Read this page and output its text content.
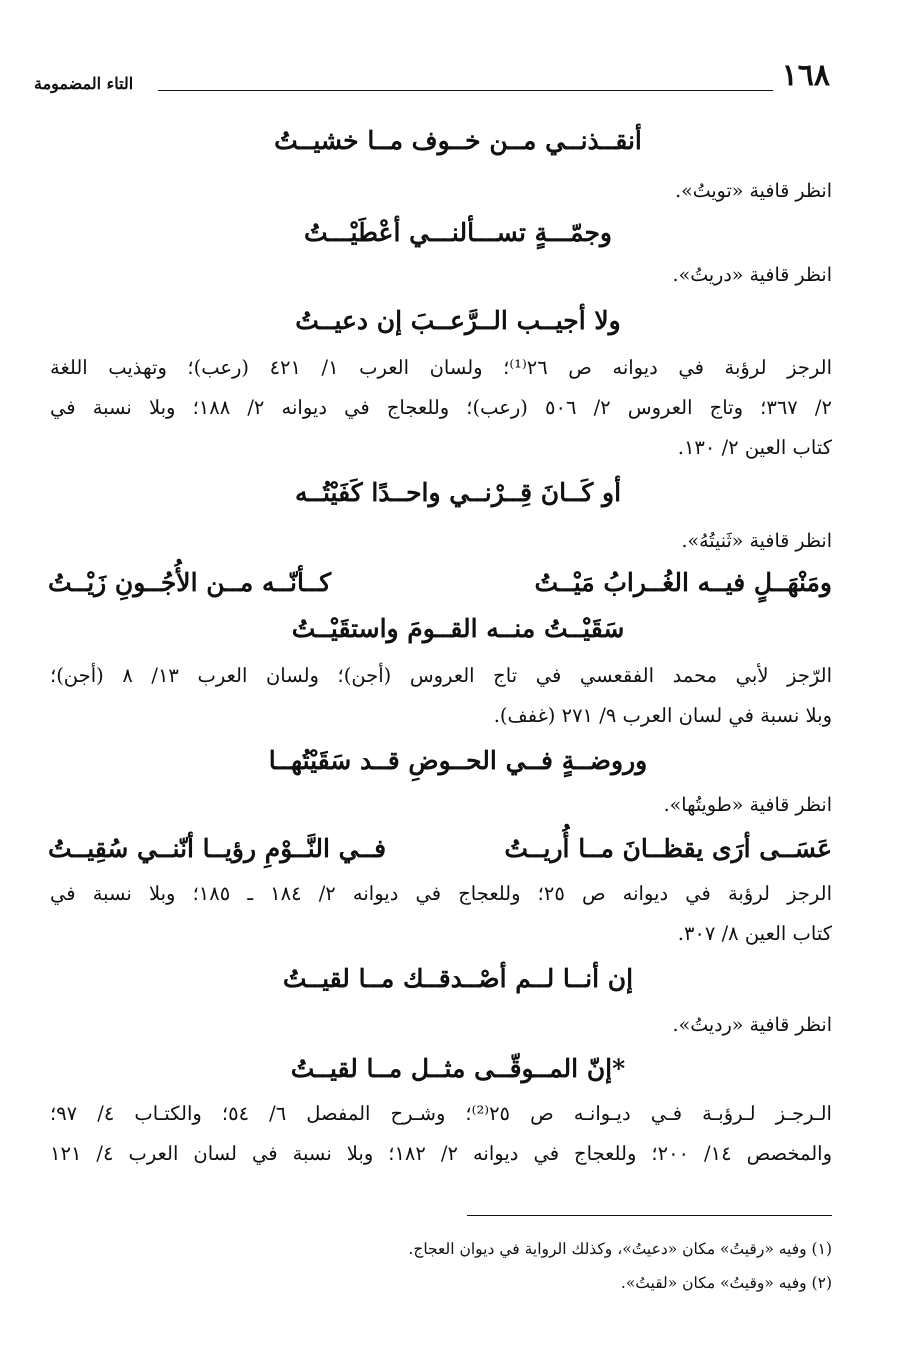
١٦٨
التاء المضمومة
أنقــذنــي مــن خــوف مــا خشيــتُ
انظر قافية «تويتُ».
وجمّـــةٍ تســـألنـــي أعْطَيْـــتُ
انظر قافية «دريتُ».
ولا أجيــب الــرَّعــبَ إن دعيــتُ
الرجز لرؤبة في ديوانه ص ٢٦⁽¹⁾؛ ولسان العرب ١/ ٤٢١ (رعب)؛ وتهذيب اللغة
٢/ ٣٦٧؛ وتاج العروس ٢/ ٥٠٦ (رعب)؛ وللعجاج في ديوانه ٢/ ١٨٨؛ وبلا نسبة في
كتاب العين ٢/ ١٣٠.
أو كَــانَ قِــرْنــي واحــدًا كَفَيْتُــه
انظر قافية «ثَنيتُهُ».
ومَنْهَــلٍ فيــه الغُــرابُ مَيْــتُ
كــأنّــه مــن الأُجُــونِ زَيْــتُ
سَقَيْــتُ منــه القــومَ واستقَيْــتُ
الرّجز لأبي محمد الفقعسي في تاج العروس (أجن)؛ ولسان العرب ١٣/ ٨ (أجن)؛
وبلا نسبة في لسان العرب ٩/ ٢٧١ (غفف).
وروضــةٍ فــي الحــوضِ قــد سَقَيْتُهــا
انظر قافية «طويتُها».
عَسَــى أرَى يقظــانَ مــا أُريــتُ
فــي النَّــوْمِ رؤيــا أنّنــي سُقِيــتُ
الرجز لرؤبة في ديوانه ص ٢٥؛ وللعجاج في ديوانه ٢/ ١٨٤ ـ ١٨٥؛ وبلا نسبة في
كتاب العين ٨/ ٣٠٧.
إن أنــا لــم أصْــدقــك مــا لقيــتُ
انظر قافية «رديتُ».
*إنّ المــوقّــى مثــل مــا لقيــتُ
الـرجـز لـرؤبـة فـي ديـوانـه ص ٢٥⁽²⁾؛ وشـرح المفصل ٦/ ٥٤؛ والكتـاب ٤/ ٩٧؛
والمخصص ١٤/ ٢٠٠؛ وللعجاج في ديوانه ٢/ ١٨٢؛ وبلا نسبة في لسان العرب ٤/ ١٢١
(١) وفيه «رقيتُ» مكان «دعيتُ»، وكذلك الرواية في ديوان العجاج.
(٢) وفيه «وقيتُ» مكان «لقيتُ».
